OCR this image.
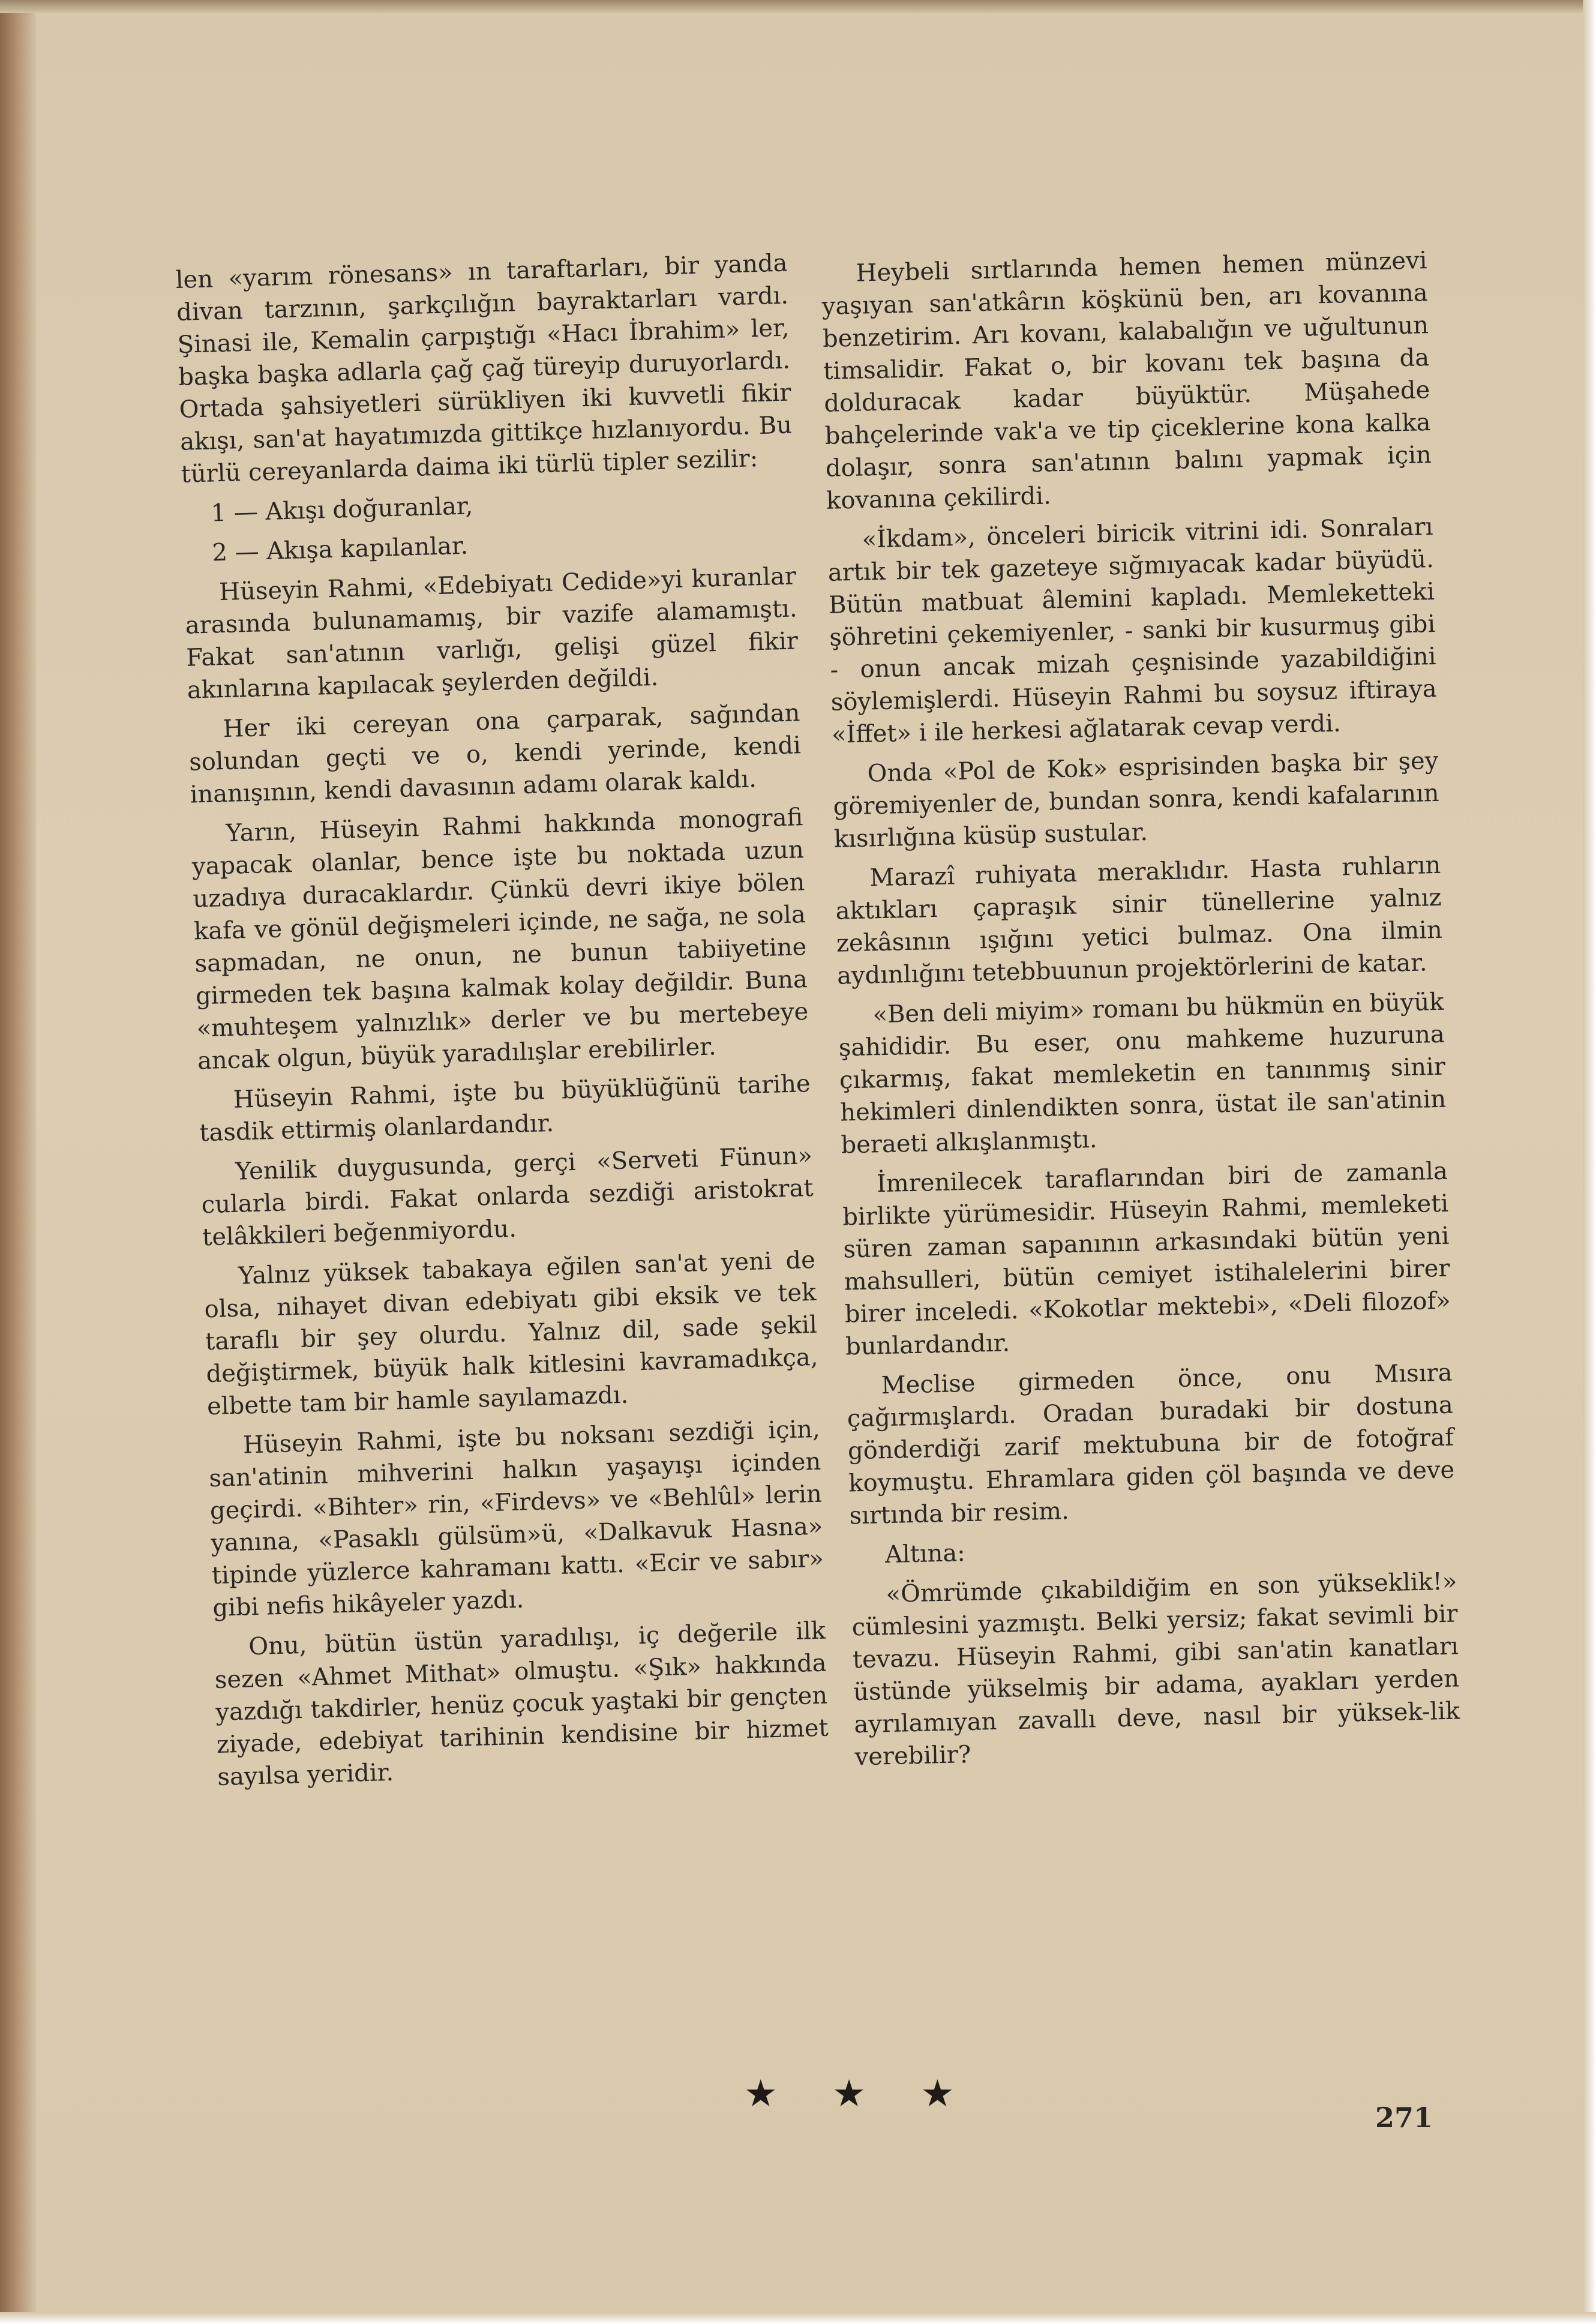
len «yarım rönesans» ın taraftarları, bir yanda divan tarzının, şarkçılığın bayraktarları vardı. Şinasi ile, Kemalin çarpıştığı «Hacı İbrahim» ler, başka başka adlarla çağ çağ türeyip duruyorlardı. Ortada şahsiyetleri sürükliyen iki kuvvetli fikir akışı, san'at hayatımızda gittikçe hızlanıyordu. Bu türlü cereyanlarda daima iki türlü tipler sezilir:

1 — Akışı doğuranlar,

2 — Akışa kapılanlar.

Hüseyin Rahmi, «Edebiyatı Cedide»yi kuranlar arasında bulunamamış, bir vazife alamamıştı. Fakat san'atının varlığı, gelişi güzel fikir akınlarına kapılacak şeylerden değildi.

Her iki cereyan ona çarparak, sağından solundan geçti ve o, kendi yerinde, kendi inanışının, kendi davasının adamı olarak kaldı.

Yarın, Hüseyin Rahmi hakkında monografi yapacak olanlar, bence işte bu noktada uzun uzadıya duracaklardır. Çünkü devri ikiye bölen kafa ve gönül değişmeleri içinde, ne sağa, ne sola sapmadan, ne onun, ne bunun tabiiyetine girmeden tek başına kalmak kolay değildir. Buna «muhteşem yalnızlık» derler ve bu mertebeye ancak olgun, büyük yaradılışlar erebilirler.

Hüseyin Rahmi, işte bu büyüklüğünü tarihe tasdik ettirmiş olanlardandır.

Yenilik duygusunda, gerçi «Serveti Fünun» cularla birdi. Fakat onlarda sezdiği aristokrat telâkkileri beğenmiyordu.

Yalnız yüksek tabakaya eğilen san'at yeni de olsa, nihayet divan edebiyatı gibi eksik ve tek taraflı bir şey olurdu. Yalnız dil, sade şekil değiştirmek, büyük halk kitlesini kavramadıkça, elbette tam bir hamle sayılamazdı.

Hüseyin Rahmi, işte bu noksanı sezdiği için, san'atinin mihverini halkın yaşayışı içinden geçirdi. «Bihter» rin, «Firdevs» ve «Behlûl» lerin yanına, «Pasaklı gülsüm»ü, «Dalkavuk Hasna» tipinde yüzlerce kahramanı kattı. «Ecir ve sabır» gibi nefis hikâyeler yazdı.

Onu, bütün üstün yaradılışı, iç değerile ilk sezen «Ahmet Mithat» olmuştu. «Şık» hakkında yazdığı takdirler, henüz çocuk yaştaki bir gençten ziyade, edebiyat tarihinin kendisine bir hizmet sayılsa yeridir.

Heybeli sırtlarında hemen hemen münzevi yaşıyan san'atkârın köşkünü ben, arı kovanına benzetirim. Arı kovanı, kalabalığın ve uğultunun timsalidir. Fakat o, bir kovanı tek başına da dolduracak kadar büyüktür. Müşahede bahçelerinde vak'a ve tip çiceklerine kona kalka dolaşır, sonra san'atının balını yapmak için kovanına çekilirdi.

«İkdam», önceleri biricik vitrini idi. Sonraları artık bir tek gazeteye sığmıyacak kadar büyüdü. Bütün matbuat âlemini kapladı. Memleketteki şöhretini çekemiyenler, - sanki bir kusurmuş gibi - onun ancak mizah çeşnisinde yazabildiğini söylemişlerdi. Hüseyin Rahmi bu soysuz iftiraya «İffet» i ile herkesi ağlatarak cevap verdi.

Onda «Pol de Kok» esprisinden başka bir şey göremiyenler de, bundan sonra, kendi kafalarının kısırlığına küsüp sustular.

Marazî ruhiyata meraklıdır. Hasta ruhların aktıkları çapraşık sinir tünellerine yalnız zekâsının ışığını yetici bulmaz. Ona ilmin aydınlığını tetebbuunun projektörlerini de katar.

«Ben deli miyim» romanı bu hükmün en büyük şahididir. Bu eser, onu mahkeme huzuruna çıkarmış, fakat memleketin en tanınmış sinir hekimleri dinlendikten sonra, üstat ile san'atinin beraeti alkışlanmıştı.

İmrenilecek taraflarından biri de zamanla birlikte yürümesidir. Hüseyin Rahmi, memleketi süren zaman sapanının arkasındaki bütün yeni mahsulleri, bütün cemiyet istihalelerini birer birer inceledi. «Kokotlar mektebi», «Deli filozof» bunlardandır.

Meclise girmeden önce, onu Mısıra çağırmışlardı. Oradan buradaki bir dostuna gönderdiği zarif mektubuna bir de fotoğraf koymuştu. Ehramlara giden çöl başında ve deve sırtında bir resim.

Altına:

«Ömrümde çıkabildiğim en son yükseklik!» cümlesini yazmıştı. Belki yersiz; fakat sevimli bir tevazu. Hüseyin Rahmi, gibi san'atin kanatları üstünde yükselmiş bir adama, ayakları yerden ayrılamıyan zavallı deve, nasıl bir yüksek-lik verebilir?

★ ★ ★
271
